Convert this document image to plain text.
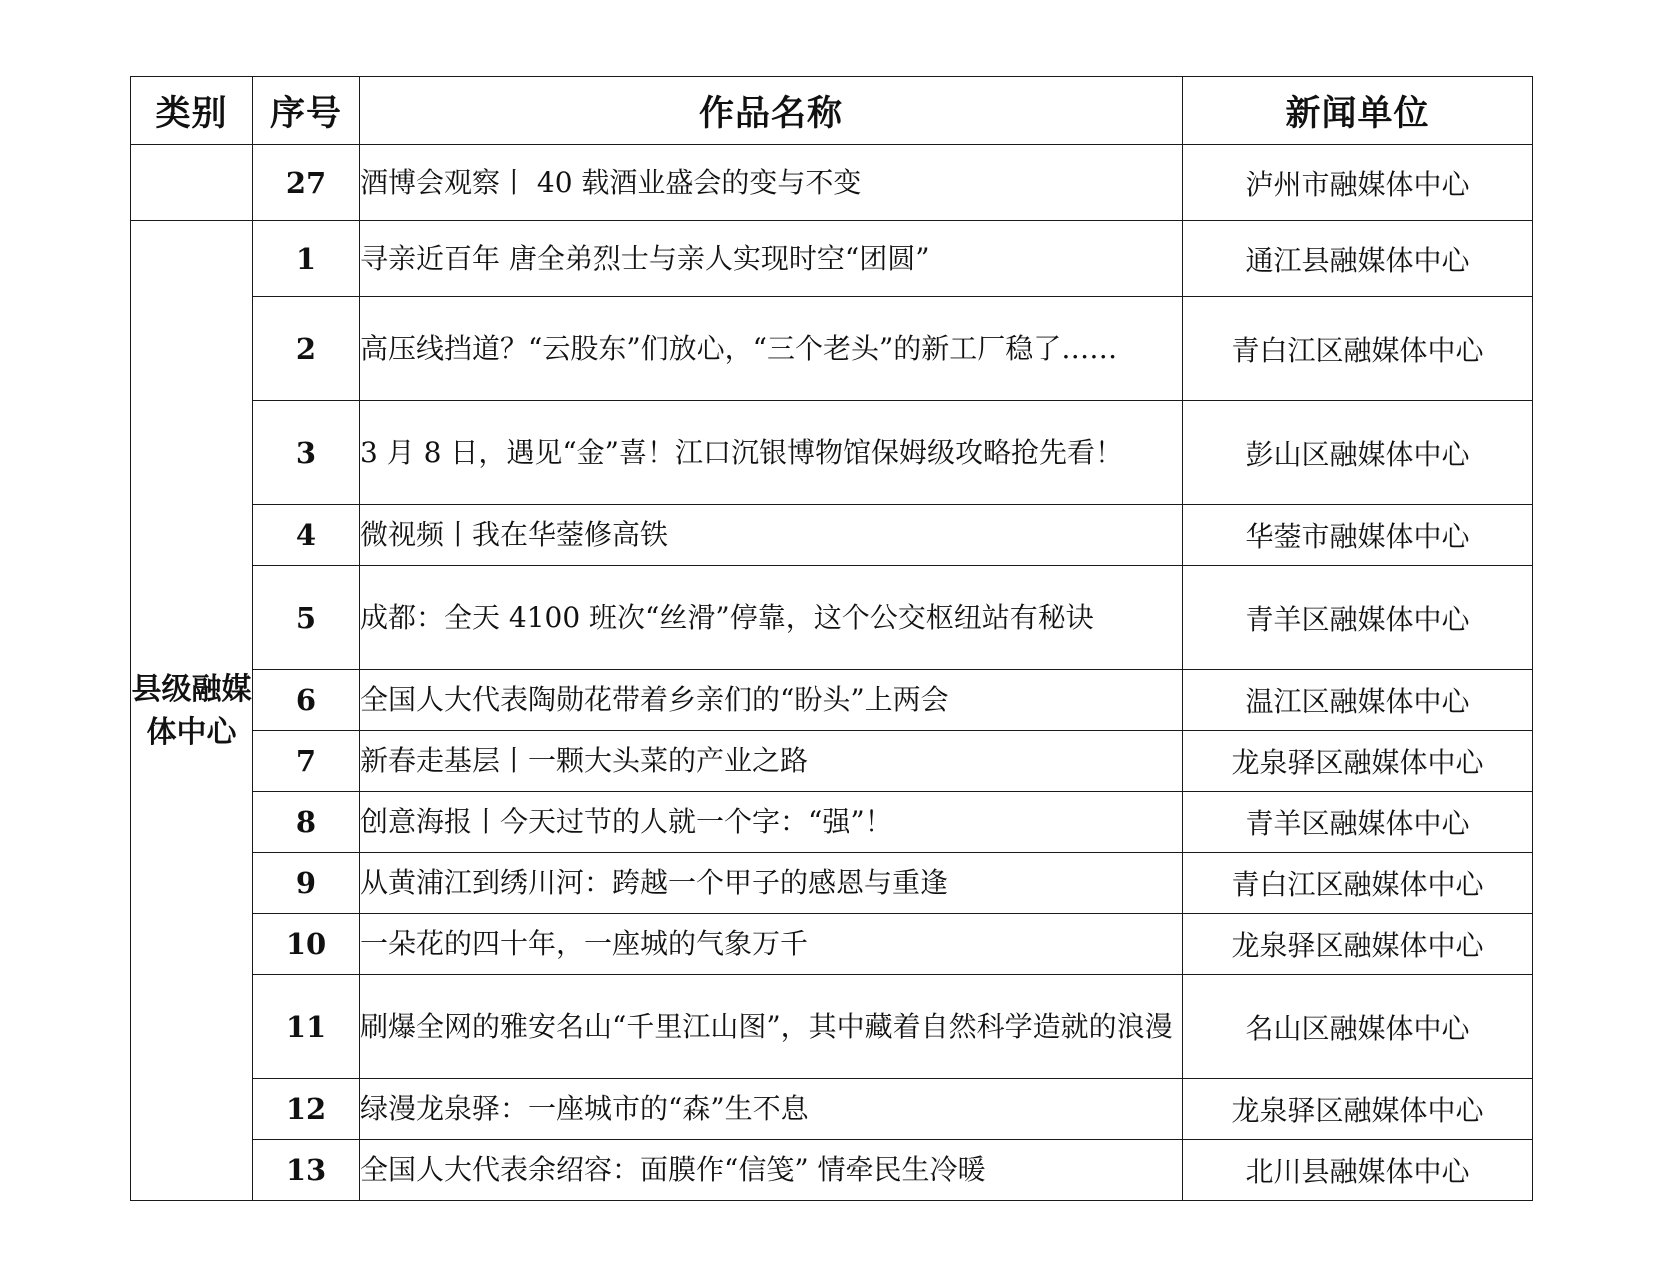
类别	序号	作品名称	新闻单位
	27	酒博会观察丨 40 载酒业盛会的变与不变	泸州市融媒体中心
县级融媒体中心	1	寻亲近百年 唐全弟烈士与亲人实现时空“团圆”	通江县融媒体中心
	2	高压线挡道？“云股东”们放心，“三个老头”的新工厂稳了……	青白江区融媒体中心
	3	3 月 8 日，遇见“金”喜！江口沉银博物馆保姆级攻略抢先看！	彭山区融媒体中心
	4	微视频丨我在华蓥修高铁	华蓥市融媒体中心
	5	成都：全天 4100 班次“丝滑”停靠，这个公交枢纽站有秘诀	青羊区融媒体中心
	6	全国人大代表陶勋花带着乡亲们的“盼头”上两会	温江区融媒体中心
	7	新春走基层丨一颗大头菜的产业之路	龙泉驿区融媒体中心
	8	创意海报丨今天过节的人就一个字：“强”！	青羊区融媒体中心
	9	从黄浦江到绣川河：跨越一个甲子的感恩与重逢	青白江区融媒体中心
	10	一朵花的四十年，一座城的气象万千	龙泉驿区融媒体中心
	11	刷爆全网的雅安名山“千里江山图”，其中藏着自然科学造就的浪漫	名山区融媒体中心
	12	绿漫龙泉驿：一座城市的“森”生不息	龙泉驿区融媒体中心
	13	全国人大代表余绍容：面膜作“信笺” 情牵民生冷暖	北川县融媒体中心
